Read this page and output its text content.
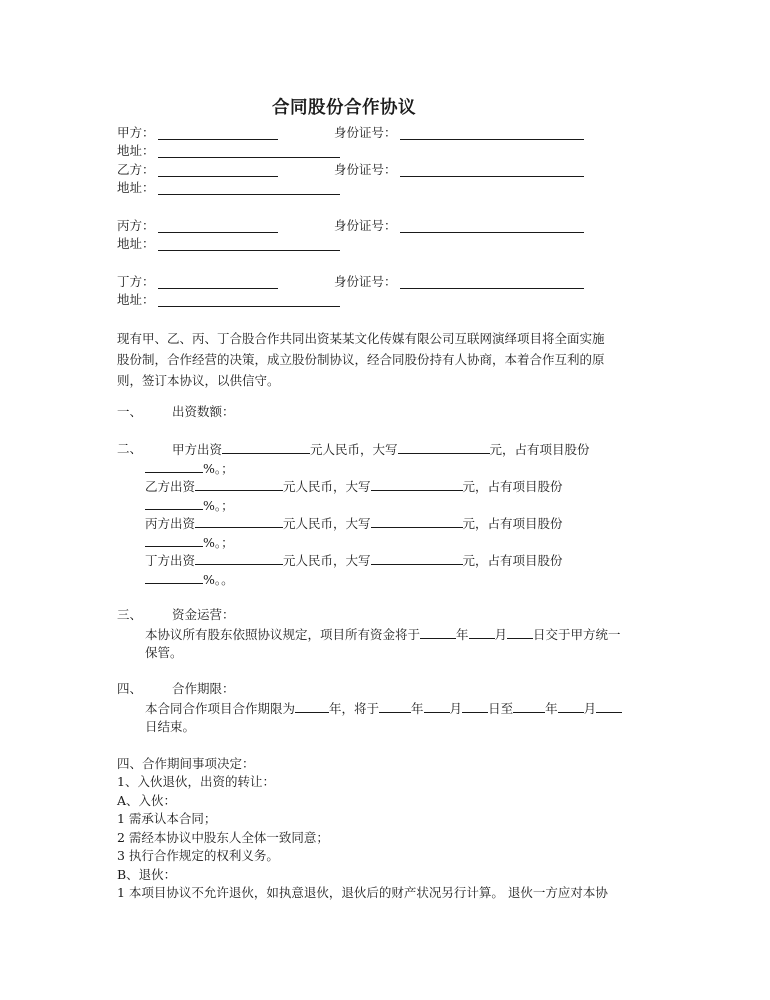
合同股份合作协议
甲方：	身份证号：
地址：
乙方：	身份证号：
地址：
丙方：	身份证号：
地址：
丁方：	身份证号：
地址：
现有甲、乙、丙、丁合股合作共同出资某某文化传媒有限公司互联网演绎项目将全面实施
股份制，合作经营的决策，成立股份制协议，经合同股份持有人协商，本着合作互利的原
则，签订本协议，以供信守。
一、 出资数额：
二、 甲方出资	元人民币，大写	元，占有项目股份
%。；
乙方出资	元人民币，大写	元，占有项目股份
%。；
丙方出资	元人民币，大写	元，占有项目股份
%。；
丁方出资	元人民币，大写	元，占有项目股份
%。。
三、 资金运营：
本协议所有股东依照协议规定，项目所有资金将于	年 月 日交于甲方统一
保管。
四、 合作期限：
本合同合作项目合作期限为	年，将于	年 月 日至	年 月
日结束。
四、合作期间事项决定：
1、入伙退伙，出资的转让：
A、入伙：
1 需承认本合同；
2 需经本协议中股东人全体一致同意；
3 执行合作规定的权利义务。
B、退伙：
1 本项目协议不允许退伙，如执意退伙，退伙后的财产状况另行计算。 退伙一方应对本协
